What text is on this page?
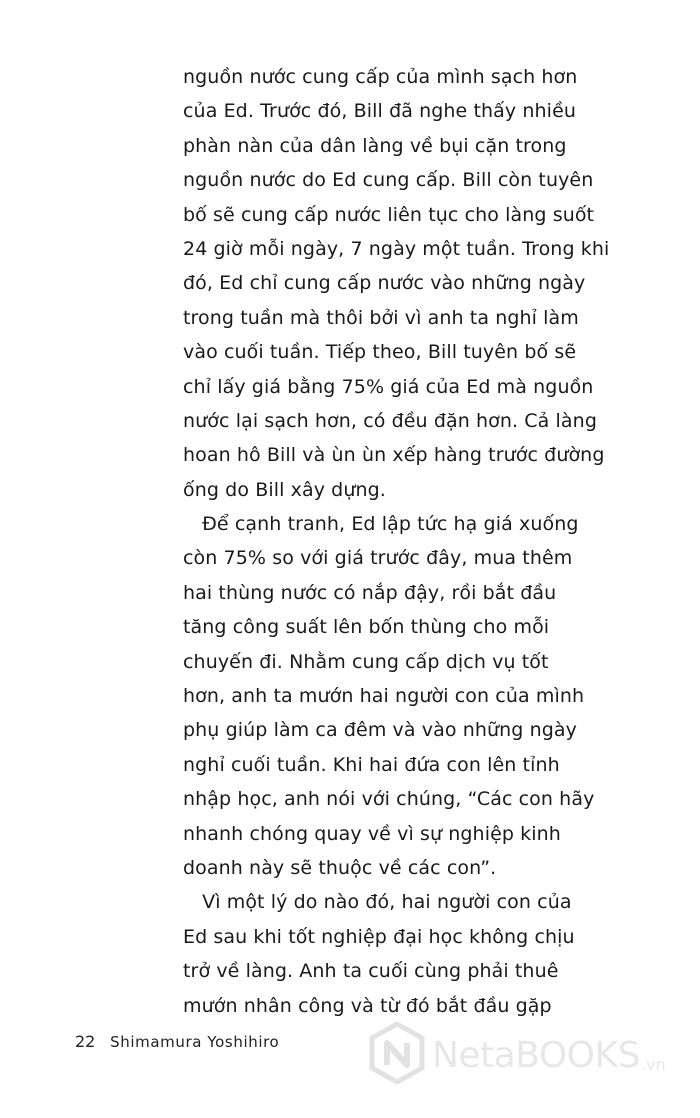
nguồn nước cung cấp của mình sạch hơn
của Ed. Trước đó, Bill đã nghe thấy nhiều
phàn nàn của dân làng về bụi cặn trong
nguồn nước do Ed cung cấp. Bill còn tuyên
bố sẽ cung cấp nước liên tục cho làng suốt
24 giờ mỗi ngày, 7 ngày một tuần. Trong khi
đó, Ed chỉ cung cấp nước vào những ngày
trong tuần mà thôi bởi vì anh ta nghỉ làm
vào cuối tuần. Tiếp theo, Bill tuyên bố sẽ
chỉ lấy giá bằng 75% giá của Ed mà nguồn
nước lại sạch hơn, có đều đặn hơn. Cả làng
hoan hô Bill và ùn ùn xếp hàng trước đường
ống do Bill xây dựng.
 Để cạnh tranh, Ed lập tức hạ giá xuống
còn 75% so với giá trước đây, mua thêm
hai thùng nước có nắp đậy, rồi bắt đầu
tăng công suất lên bốn thùng cho mỗi
chuyến đi. Nhằm cung cấp dịch vụ tốt
hơn, anh ta mướn hai người con của mình
phụ giúp làm ca đêm và vào những ngày
nghỉ cuối tuần. Khi hai đứa con lên tỉnh
nhập học, anh nói với chúng, “Các con hãy
nhanh chóng quay về vì sự nghiệp kinh
doanh này sẽ thuộc về các con”.
 Vì một lý do nào đó, hai người con của
Ed sau khi tốt nghiệp đại học không chịu
trở về làng. Anh ta cuối cùng phải thuê
mướn nhân công và từ đó bắt đầu gặp
22 Shimamura Yoshihiro	NetaBOOKS .vn
